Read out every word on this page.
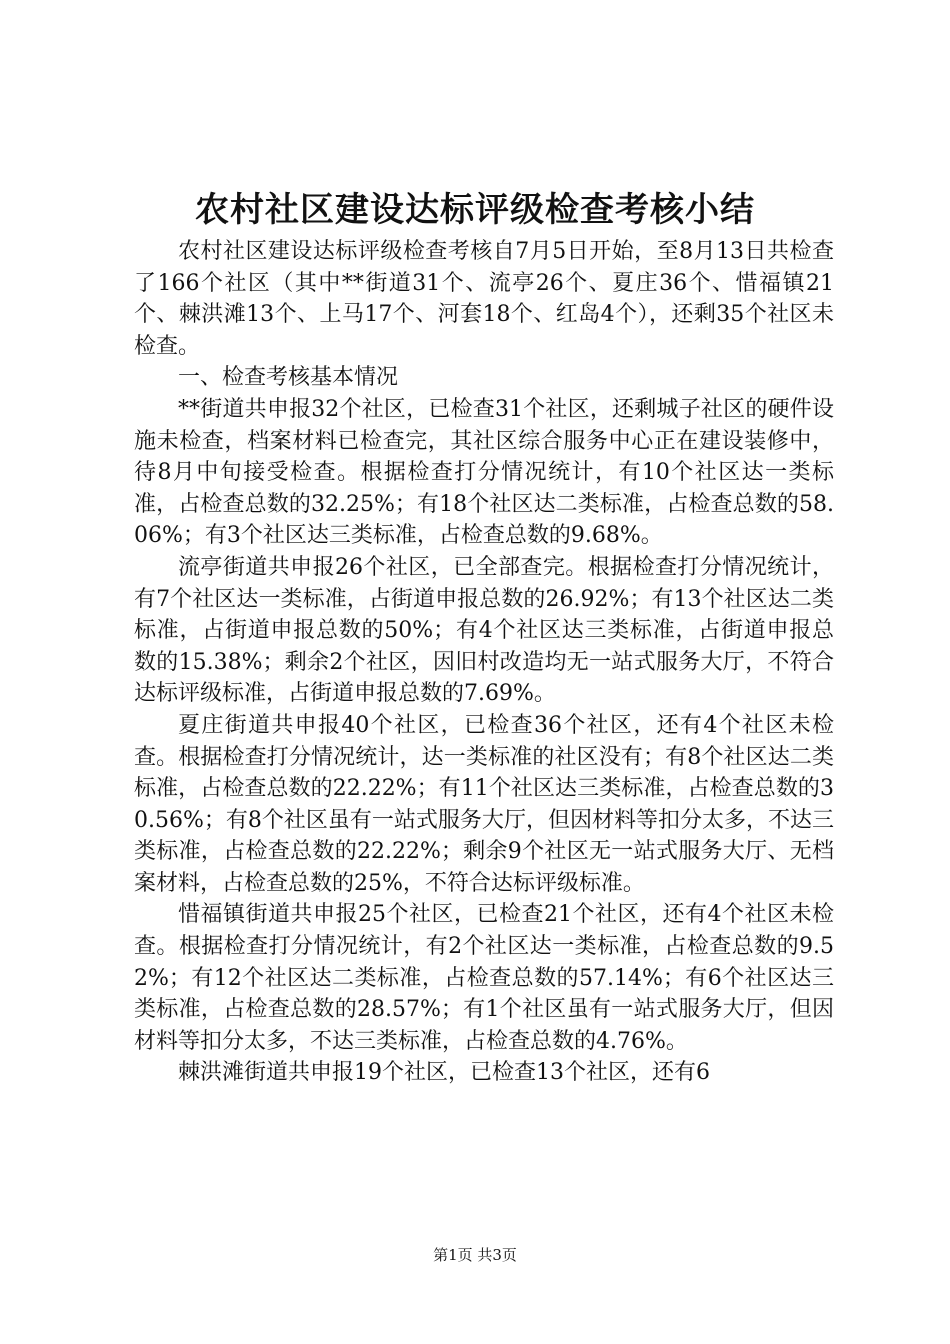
农村社区建设达标评级检查考核小结

农村社区建设达标评级检查考核自7月5日开始，至8月13日共检查了166个社区（其中**街道31个、流亭26个、夏庄36个、惜福镇21个、棘洪滩13个、上马17个、河套18个、红岛4个），还剩35个社区未检查。

一、检查考核基本情况

**街道共申报32个社区，已检查31个社区，还剩城子社区的硬件设施未检查，档案材料已检查完，其社区综合服务中心正在建设装修中，待8月中旬接受检查。根据检查打分情况统计，有10个社区达一类标准，占检查总数的32.25%；有18个社区达二类标准，占检查总数的58.06%；有3个社区达三类标准，占检查总数的9.68%。

流亭街道共申报26个社区，已全部查完。根据检查打分情况统计，有7个社区达一类标准，占街道申报总数的26.92%；有13个社区达二类标准，占街道申报总数的50%；有4个社区达三类标准，占街道申报总数的15.38%；剩余2个社区，因旧村改造均无一站式服务大厅，不符合达标评级标准，占街道申报总数的7.69%。

夏庄街道共申报40个社区，已检查36个社区，还有4个社区未检查。根据检查打分情况统计，达一类标准的社区没有；有8个社区达二类标准，占检查总数的22.22%；有11个社区达三类标准，占检查总数的30.56%；有8个社区虽有一站式服务大厅，但因材料等扣分太多，不达三类标准，占检查总数的22.22%；剩余9个社区无一站式服务大厅、无档案材料，占检查总数的25%，不符合达标评级标准。

惜福镇街道共申报25个社区，已检查21个社区，还有4个社区未检查。根据检查打分情况统计，有2个社区达一类标准，占检查总数的9.52%；有12个社区达二类标准，占检查总数的57.14%；有6个社区达三类标准，占检查总数的28.57%；有1个社区虽有一站式服务大厅，但因材料等扣分太多，不达三类标准，占检查总数的4.76%。

棘洪滩街道共申报19个社区，已检查13个社区，还有6

第1页 共3页
